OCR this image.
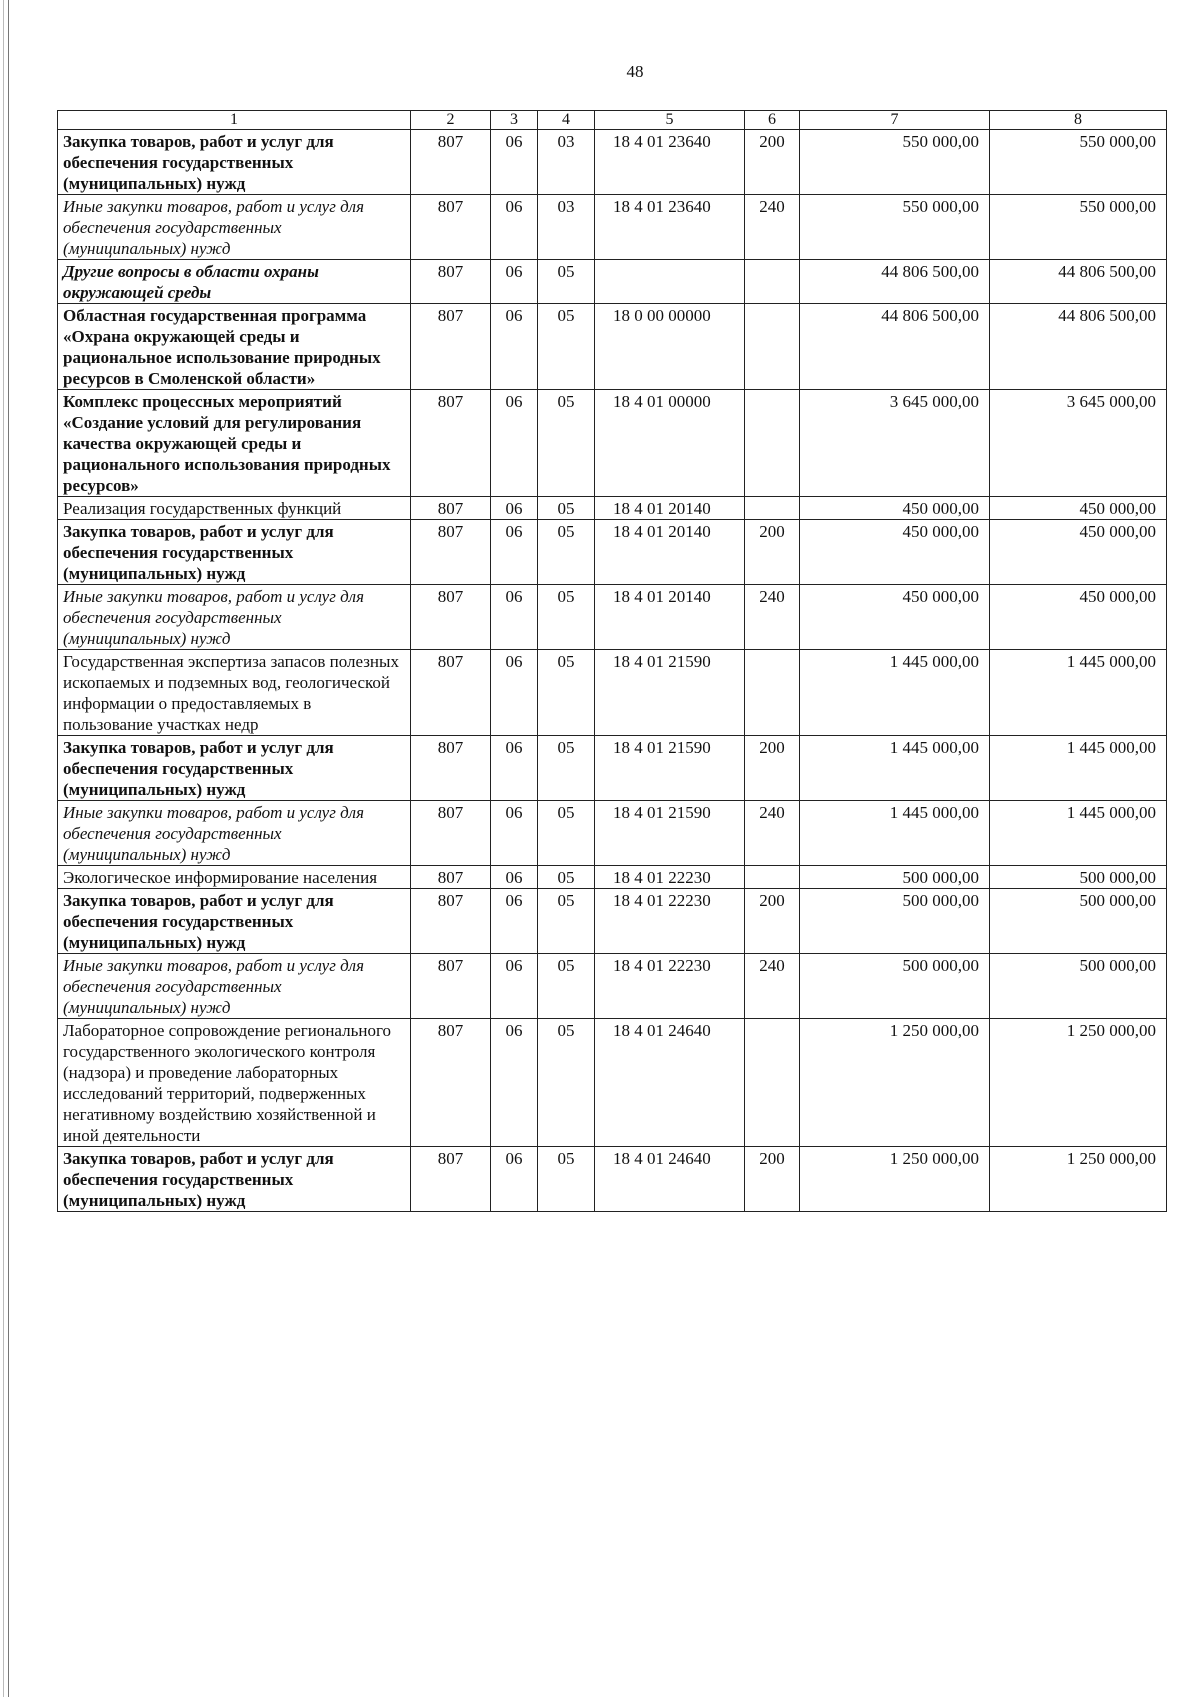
48
1	2	3	4	5	6	7	8
Закупка товаров, работ и услуг для обеспечения государственных (муниципальных) нужд	807	06	03	18 4 01 23640	200	550 000,00	550 000,00
Иные закупки товаров, работ и услуг для обеспечения государственных (муниципальных) нужд	807	06	03	18 4 01 23640	240	550 000,00	550 000,00
Другие вопросы в области охраны окружающей среды	807	06	05			44 806 500,00	44 806 500,00
Областная государственная программа «Охрана окружающей среды и рациональное использование природных ресурсов в Смоленской области»	807	06	05	18 0 00 00000		44 806 500,00	44 806 500,00
Комплекс процессных мероприятий «Создание условий для регулирования качества окружающей среды и рационального использования природных ресурсов»	807	06	05	18 4 01 00000		3 645 000,00	3 645 000,00
Реализация государственных функций	807	06	05	18 4 01 20140		450 000,00	450 000,00
Закупка товаров, работ и услуг для обеспечения государственных (муниципальных) нужд	807	06	05	18 4 01 20140	200	450 000,00	450 000,00
Иные закупки товаров, работ и услуг для обеспечения государственных (муниципальных) нужд	807	06	05	18 4 01 20140	240	450 000,00	450 000,00
Государственная экспертиза запасов полезных ископаемых и подземных вод, геологической информации о предоставляемых в пользование участках недр	807	06	05	18 4 01 21590		1 445 000,00	1 445 000,00
Закупка товаров, работ и услуг для обеспечения государственных (муниципальных) нужд	807	06	05	18 4 01 21590	200	1 445 000,00	1 445 000,00
Иные закупки товаров, работ и услуг для обеспечения государственных (муниципальных) нужд	807	06	05	18 4 01 21590	240	1 445 000,00	1 445 000,00
Экологическое информирование населения	807	06	05	18 4 01 22230		500 000,00	500 000,00
Закупка товаров, работ и услуг для обеспечения государственных (муниципальных) нужд	807	06	05	18 4 01 22230	200	500 000,00	500 000,00
Иные закупки товаров, работ и услуг для обеспечения государственных (муниципальных) нужд	807	06	05	18 4 01 22230	240	500 000,00	500 000,00
Лабораторное сопровождение регионального государственного экологического контроля (надзора) и проведение лабораторных исследований территорий, подверженных негативному воздействию хозяйственной и иной деятельности	807	06	05	18 4 01 24640		1 250 000,00	1 250 000,00
Закупка товаров, работ и услуг для обеспечения государственных (муниципальных) нужд	807	06	05	18 4 01 24640	200	1 250 000,00	1 250 000,00
